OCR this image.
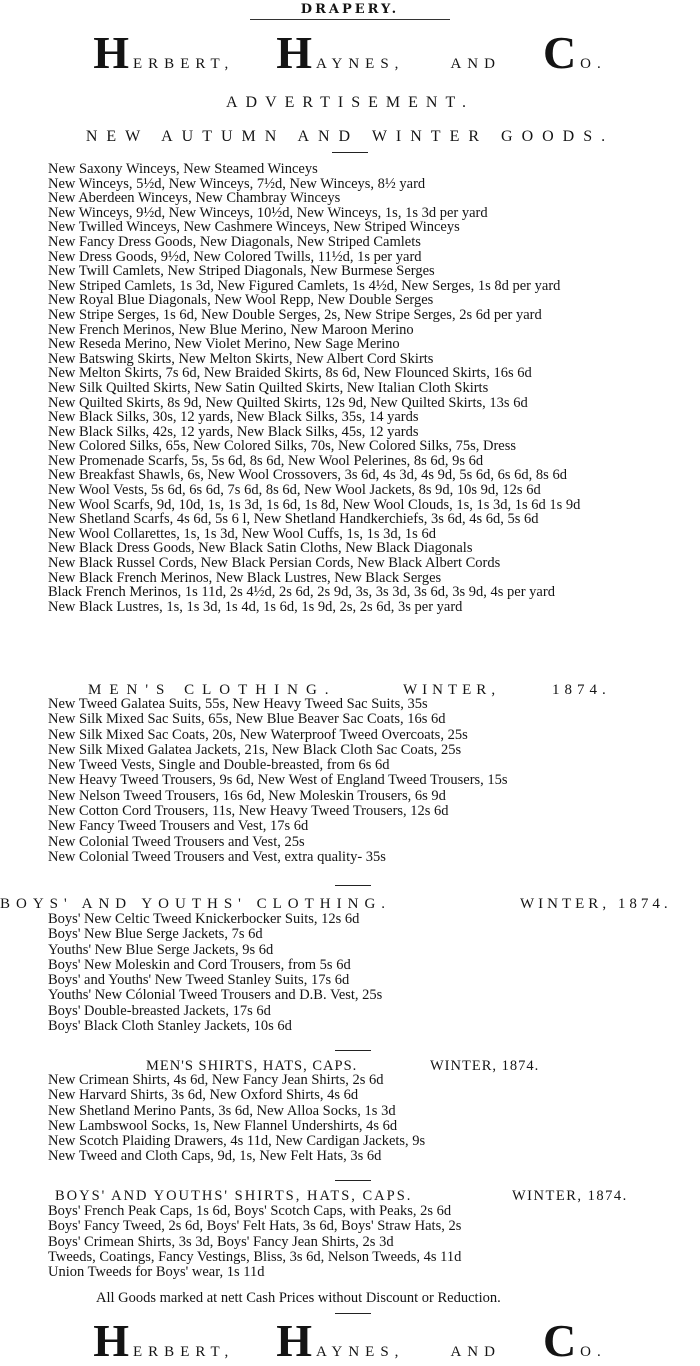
DRAPERY.
HERBERT, HAYNES,	AND C O.
ADVERTISEMENT.
NEW AUTUMN AND WINTER GOODS.
New Saxony Winceys, New Steamed Winceys
New Winceys, 5½d, New Winceys, 7½d, New Winceys, 8½ yard
New Aberdeen Winceys, New Chambray Winceys
New Winceys, 9½d, New Winceys, 10½d, New Winceys, 1s, 1s 3d per yard
New Twilled Winceys, New Cashmere Winceys, New Striped Winceys
New Fancy Dress Goods, New Diagonals, New Striped Camlets
New Dress Goods, 9½d, New Colored Twills, 11½d, 1s per yard
New Twill Camlets, New Striped Diagonals, New Burmese Serges
New Striped Camlets, 1s 3d, New Figured Camlets, 1s 4½d, New Serges, 1s 8d per yard
New Royal Blue Diagonals, New Wool Repp, New Double Serges
New Stripe Serges, 1s 6d, New Double Serges, 2s, New Stripe Serges, 2s 6d per yard
New French Merinos, New Blue Merino, New Maroon Merino
New Reseda Merino, New Violet Merino, New Sage Merino
New Batswing Skirts, New Melton Skirts, New Albert Cord Skirts
New Melton Skirts, 7s 6d, New Braided Skirts, 8s 6d, New Flounced Skirts, 16s 6d
New Silk Quilted Skirts, New Satin Quilted Skirts, New Italian Cloth Skirts
New Quilted Skirts, 8s 9d, New Quilted Skirts, 12s 9d, New Quilted Skirts, 13s 6d
New Black Silks, 30s, 12 yards, New Black Silks, 35s, 14 yards
New Black Silks, 42s, 12 yards, New Black Silks, 45s, 12 yards
New Colored Silks, 65s, New Colored Silks, 70s, New Colored Silks, 75s, Dress
New Promenade Scarfs, 5s, 5s 6d, 8s 6d, New Wool Pelerines, 8s 6d, 9s 6d
New Breakfast Shawls, 6s, New Wool Crossovers, 3s 6d, 4s 3d, 4s 9d, 5s 6d, 6s 6d, 8s 6d
New Wool Vests, 5s 6d, 6s 6d, 7s 6d, 8s 6d, New Wool Jackets, 8s 9d, 10s 9d, 12s 6d
New Wool Scarfs, 9d, 10d, 1s, 1s 3d, 1s 6d, 1s 8d, New Wool Clouds, 1s, 1s 3d, 1s 6d 1s 9d
New Shetland Scarfs, 4s 6d, 5s 6 l, New Shetland Handkerchiefs, 3s 6d, 4s 6d, 5s 6d
New Wool Collarettes, 1s, 1s 3d, New Wool Cuffs, 1s, 1s 3d, 1s 6d
New Black Dress Goods, New Black Satin Cloths, New Black Diagonals
New Black Russel Cords, New Black Persian Cords, New Black Albert Cords
New Black French Merinos, New Black Lustres, New Black Serges
Black French Merinos, 1s 11d, 2s 4½d, 2s 6d, 2s 9d, 3s, 3s 3d, 3s 6d, 3s 9d, 4s per yard
New Black Lustres, 1s, 1s 3d, 1s 4d, 1s 6d, 1s 9d, 2s, 2s 6d, 3s per yard
MEN'S CLOTHING.	WINTER,	1874.
New Tweed Galatea Suits, 55s, New Heavy Tweed Sac Suits, 35s
New Silk Mixed Sac Suits, 65s, New Blue Beaver Sac Coats, 16s 6d
New Silk Mixed Sac Coats, 20s, New Waterproof Tweed Overcoats, 25s
New Silk Mixed Galatea Jackets, 21s, New Black Cloth Sac Coats, 25s
New Tweed Vests, Single and Double-breasted, from 6s 6d
New Heavy Tweed Trousers, 9s 6d, New West of England Tweed Trousers, 15s
New Nelson Tweed Trousers, 16s 6d, New Moleskin Trousers, 6s 9d
New Cotton Cord Trousers, 11s, New Heavy Tweed Trousers, 12s 6d
New Fancy Tweed Trousers and Vest, 17s 6d
New Colonial Tweed Trousers and Vest, 25s
New Colonial Tweed Trousers and Vest, extra quality- 35s
BOYS' AND YOUTHS' CLOTHING.	WINTER, 1874.
Boys' New Celtic Tweed Knickerbocker Suits, 12s 6d
Boys' New Blue Serge Jackets, 7s 6d
Youths' New Blue Serge Jackets, 9s 6d
Boys' New Moleskin and Cord Trousers, from 5s 6d
Boys' and Youths' New Tweed Stanley Suits, 17s 6d
Youths' New Cólonial Tweed Trousers and D.B. Vest, 25s
Boys' Double-breasted Jackets, 17s 6d
Boys' Black Cloth Stanley Jackets, 10s 6d
MEN'S SHIRTS, HATS, CAPS.	WINTER, 1874.
New Crimean Shirts, 4s 6d, New Fancy Jean Shirts, 2s 6d
New Harvard Shirts, 3s 6d, New Oxford Shirts, 4s 6d
New Shetland Merino Pants, 3s 6d, New Alloa Socks, 1s 3d
New Lambswool Socks, 1s, New Flannel Undershirts, 4s 6d
New Scotch Plaiding Drawers, 4s 11d, New Cardigan Jackets, 9s
New Tweed and Cloth Caps, 9d, 1s, New Felt Hats, 3s 6d
BOYS' AND YOUTHS' SHIRTS, HATS, CAPS.	WINTER, 1874.
Boys' French Peak Caps, 1s 6d, Boys' Scotch Caps, with Peaks, 2s 6d
Boys' Fancy Tweed, 2s 6d, Boys' Felt Hats, 3s 6d, Boys' Straw Hats, 2s
Boys' Crimean Shirts, 3s 3d, Boys' Fancy Jean Shirts, 2s 3d
Tweeds, Coatings, Fancy Vestings, Bliss, 3s 6d, Nelson Tweeds, 4s 11d
Union Tweeds for Boys' wear, 1s 11d
All Goods marked at nett Cash Prices without Discount or Reduction.
HERBERT, HAYNES,	AND C O.
